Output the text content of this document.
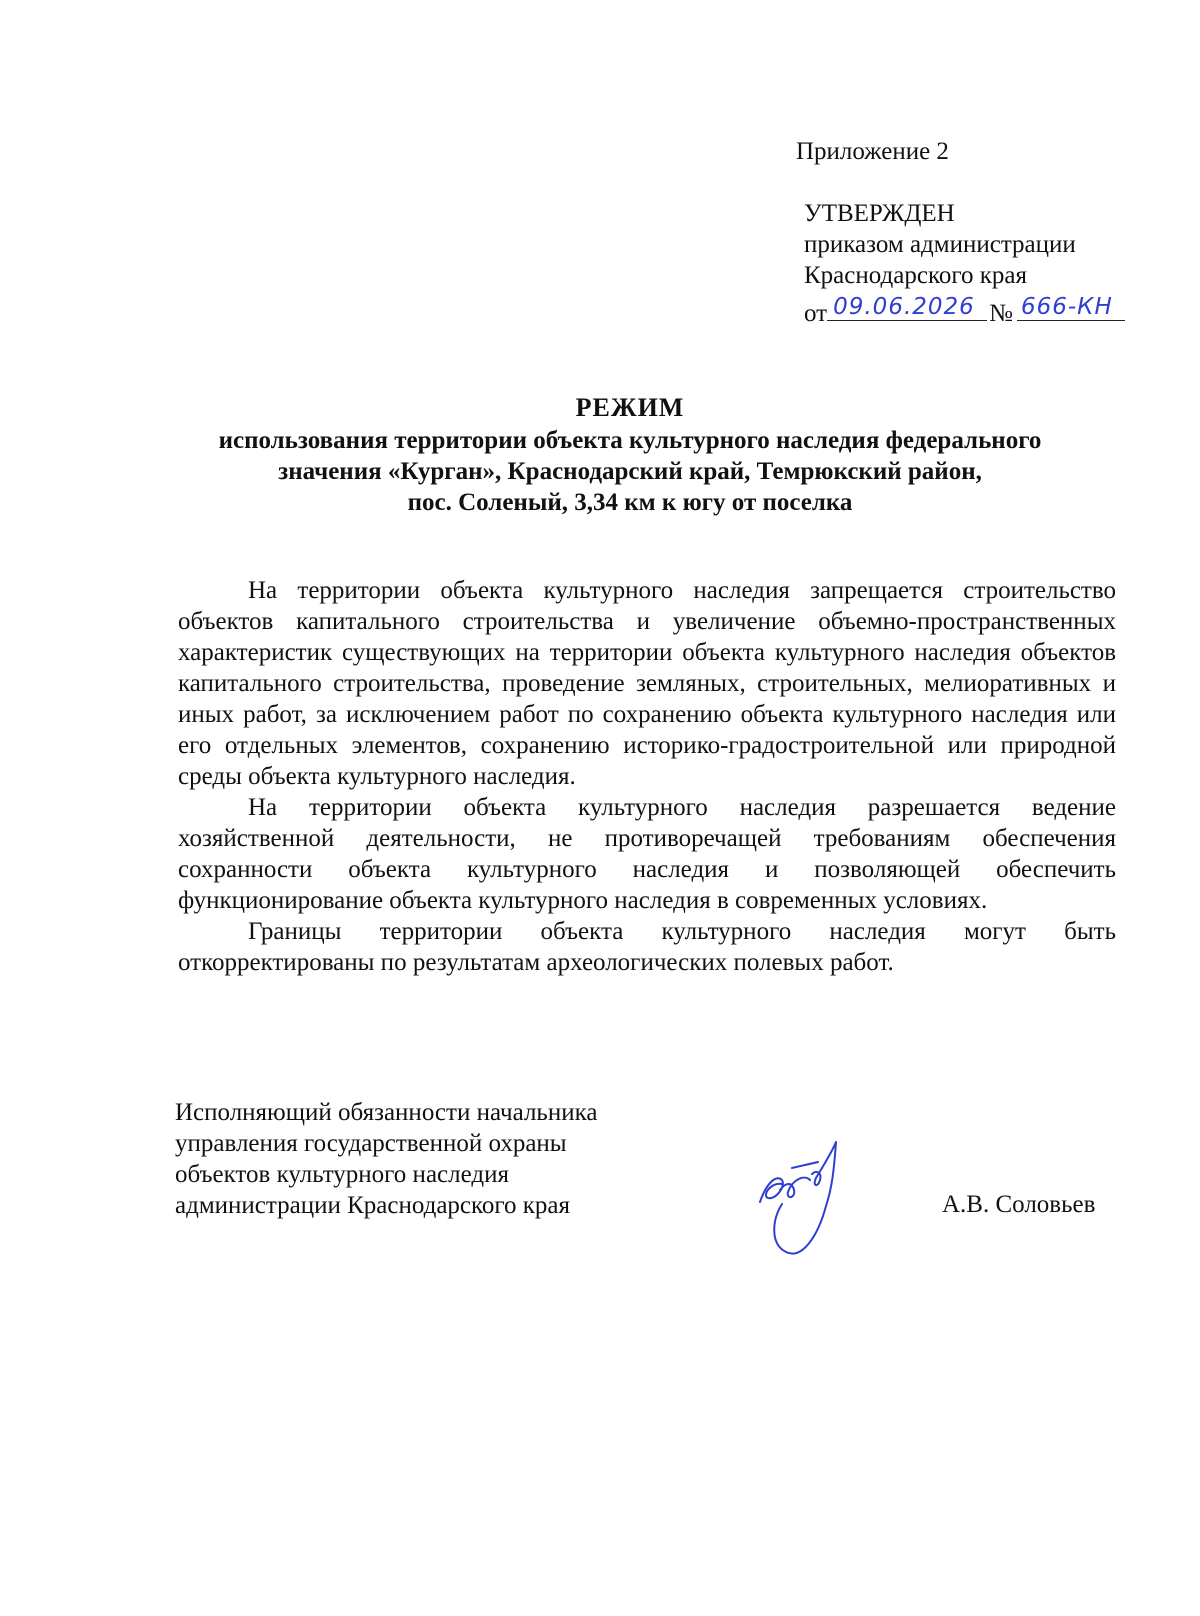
Приложение 2
УТВЕРЖДЕН
приказом администрации
Краснодарского края
от 09.06.2026 № 666-КН
РЕЖИМ
использования территории объекта культурного наследия федерального
значения «Курган», Краснодарский край, Темрюкский район,
пос. Соленый, 3,34 км к югу от поселка

На территории объекта культурного наследия запрещается строительство объектов капитального строительства и увеличение объемно-пространственных характеристик существующих на территории объекта культурного наследия объектов капитального строительства, проведение земляных, строительных, мелиоративных и иных работ, за исключением работ по сохранению объекта культурного наследия или его отдельных элементов, сохранению историко-градостроительной или природной среды объекта культурного наследия.

На территории объекта культурного наследия разрешается ведение хозяйственной деятельности, не противоречащей требованиям обеспечения сохранности объекта культурного наследия и позволяющей обеспечить функционирование объекта культурного наследия в современных условиях.

Границы территории объекта культурного наследия могут быть откорректированы по результатам археологических полевых работ.

Исполняющий обязанности начальника
управления государственной охраны
объектов культурного наследия
администрации Краснодарского края	А.В. Соловьев
